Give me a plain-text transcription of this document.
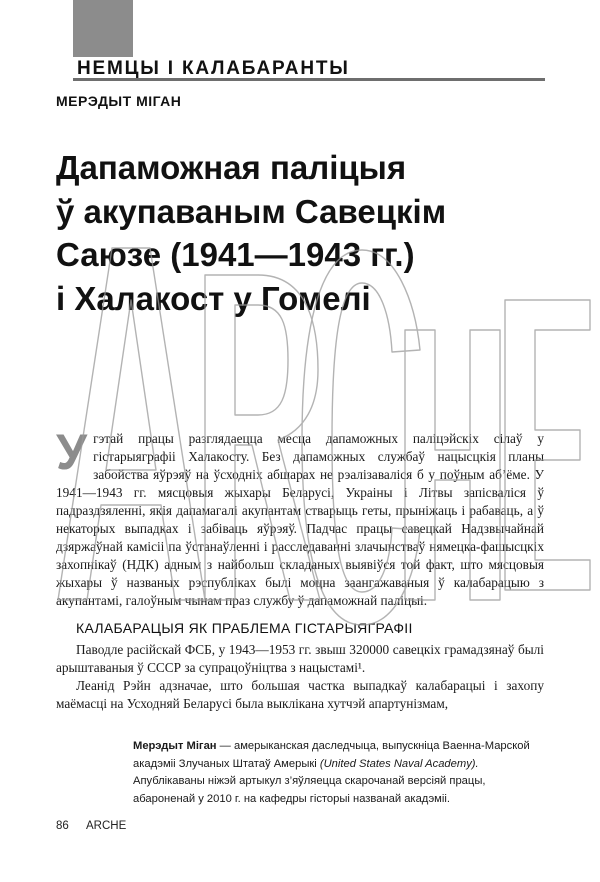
НЕМЦЫ І КАЛАБАРАНТЫ
МЕРЭДЫТ МІГАН
Дапаможная паліцыя
ў акупаваным Савецкім
Саюзе (1941—1943 гг.)
і Халакост у Гомелі
У гэтай працы разглядаецца месца дапаможных паліцэйскіх сілаў у гістарыяграфіі Халакосту. Без дапаможных службаў нацысцкія планы забойства яўрэяў на ўсходніх абшарах не рэалізаваліся б у поўным аб’ёме. У 1941—1943 гг. мясцовыя жыхары Беларусі, Украіны і Літвы запісваліся ў падраздзяленні, якія дапамагалі акупантам стварыць геты, прыніжаць і рабаваць, а ў некаторых выпадках і забіваць яўрэяў. Падчас працы савецкай Надзвычайнай дзяржаўнай камісіі па ўстанаўленні і расследаванні злачынстваў нямецка-фашысцкіх захопнікаў (НДК) адным з найбольш складаных выявіўся той факт, што мясцовыя жыхары ў названых рэспубліках былі моцна заангажаваныя ў калабарацыю з акупантамі, галоўным чынам праз службу ў дапаможнай паліцыі.
КАЛАБАРАЦЫЯ ЯК ПРАБЛЕМА ГІСТАРЫЯГРАФІІ

Паводле расійскай ФСБ, у 1943—1953 гг. звыш 320000 савецкіх грамадзянаў былі арыштаваныя ў СССР за супрацоўніцтва з нацыстамі¹.

Леанід Рэйн адзначае, што большая частка выпадкаў калабарацыі і захопу маёмасці на Усходняй Беларусі была выклікана хутчэй апартунізмам,

Мерэдыт Міган — амерыканская даследчыца, выпускніца Ваенна-Марской акадэміі Злучаных Штатаў Амерыкі (United States Naval Academy). Апублікаваны ніжэй артыкул з’яўляецца скарочанай версіяй працы, абароненай у 2010 г. на кафедры гісторыі названай акадэміі.
86 ARCHE
ARCHE
